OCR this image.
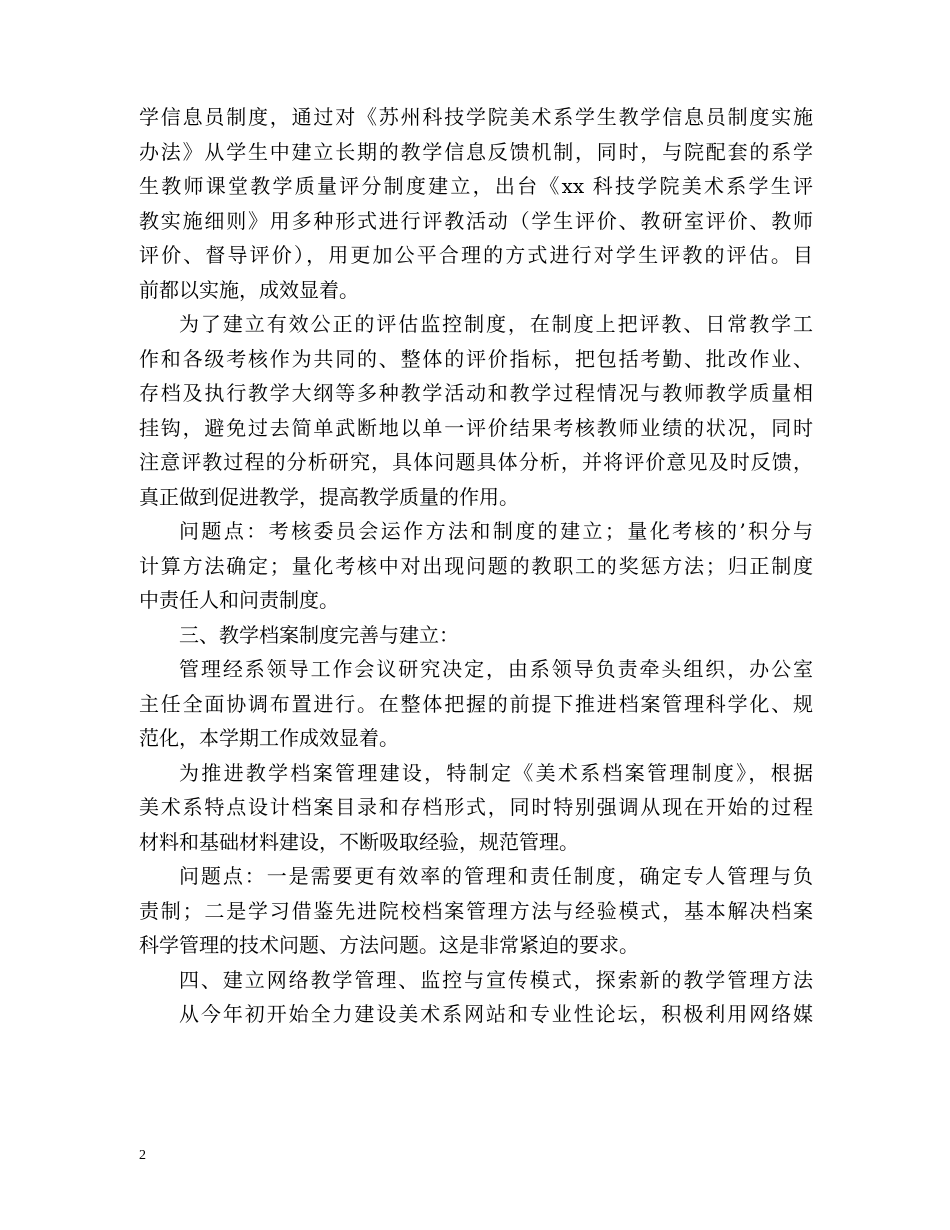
学信息员制度，通过对《苏州科技学院美术系学生教学信息员制度实施
办法》从学生中建立长期的教学信息反馈机制，同时，与院配套的系学
生教师课堂教学质量评分制度建立，出台《xx 科技学院美术系学生评
教实施细则》用多种形式进行评教活动（学生评价、教研室评价、教师
评价、督导评价），用更加公平合理的方式进行对学生评教的评估。目
前都以实施，成效显着。
为了建立有效公正的评估监控制度，在制度上把评教、日常教学工
作和各级考核作为共同的、整体的评价指标，把包括考勤、批改作业、
存档及执行教学大纲等多种教学活动和教学过程情况与教师教学质量相
挂钩，避免过去简单武断地以单一评价结果考核教师业绩的状况，同时
注意评教过程的分析研究，具体问题具体分析，并将评价意见及时反馈，
真正做到促进教学，提高教学质量的作用。
问题点：考核委员会运作方法和制度的建立；量化考核的’积分与
计算方法确定；量化考核中对出现问题的教职工的奖惩方法；归正制度
中责任人和问责制度。
三、教学档案制度完善与建立：
管理经系领导工作会议研究决定，由系领导负责牵头组织，办公室
主任全面协调布置进行。在整体把握的前提下推进档案管理科学化、规
范化，本学期工作成效显着。
为推进教学档案管理建设，特制定《美术系档案管理制度》，根据
美术系特点设计档案目录和存档形式，同时特别强调从现在开始的过程
材料和基础材料建设，不断吸取经验，规范管理。
问题点：一是需要更有效率的管理和责任制度，确定专人管理与负
责制；二是学习借鉴先进院校档案管理方法与经验模式，基本解决档案
科学管理的技术问题、方法问题。这是非常紧迫的要求。
四、建立网络教学管理、监控与宣传模式，探索新的教学管理方法
从今年初开始全力建设美术系网站和专业性论坛，积极利用网络媒
2
